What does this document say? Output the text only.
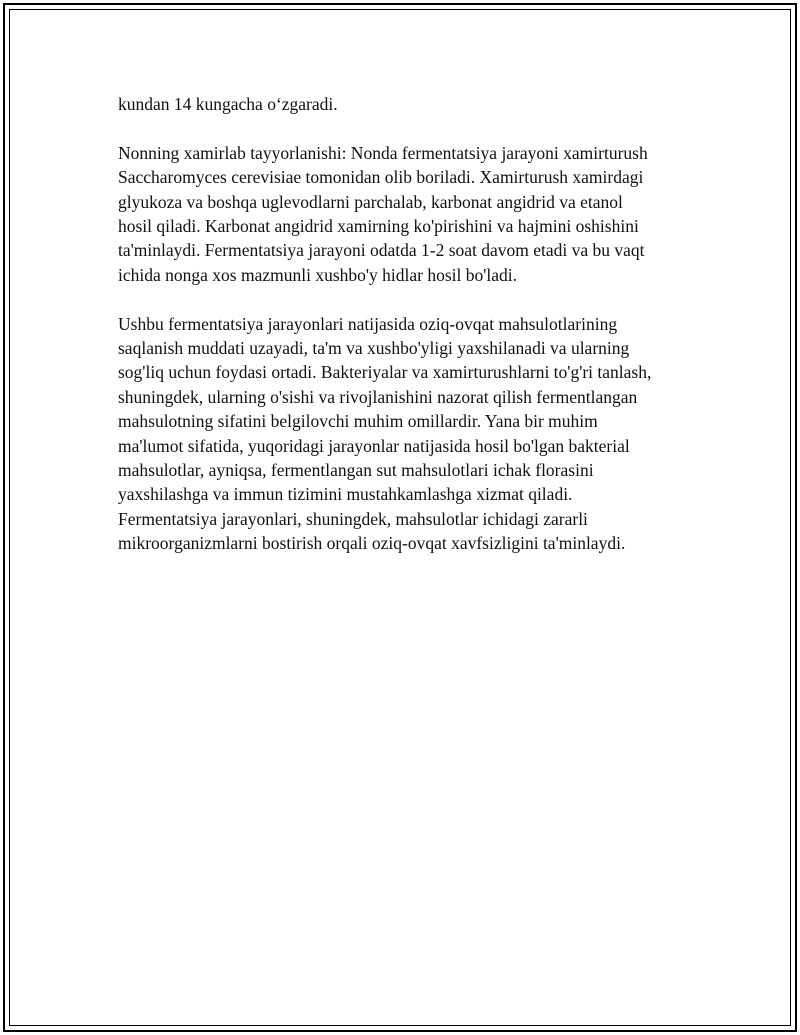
kundan 14 kungacha o‘zgaradi.

Nonning xamirlab tayyorlanishi: Nonda fermentatsiya jarayoni xamirturush
Saccharomyces cerevisiae tomonidan olib boriladi. Xamirturush xamirdagi
glyukoza va boshqa uglevodlarni parchalab, karbonat angidrid va etanol
hosil qiladi. Karbonat angidrid xamirning ko'pirishini va hajmini oshishini
ta'minlaydi. Fermentatsiya jarayoni odatda 1-2 soat davom etadi va bu vaqt
ichida nonga xos mazmunli xushbo'y hidlar hosil bo'ladi.

Ushbu fermentatsiya jarayonlari natijasida oziq-ovqat mahsulotlarining
saqlanish muddati uzayadi, ta'm va xushbo'yligi yaxshilanadi va ularning
sog'liq uchun foydasi ortadi. Bakteriyalar va xamirturushlarni to'g'ri tanlash,
shuningdek, ularning o'sishi va rivojlanishini nazorat qilish fermentlangan
mahsulotning sifatini belgilovchi muhim omillardir. Yana bir muhim
ma'lumot sifatida, yuqoridagi jarayonlar natijasida hosil bo'lgan bakterial
mahsulotlar, ayniqsa, fermentlangan sut mahsulotlari ichak florasini
yaxshilashga va immun tizimini mustahkamlashga xizmat qiladi.
Fermentatsiya jarayonlari, shuningdek, mahsulotlar ichidagi zararli
mikroorganizmlarni bostirish orqali oziq-ovqat xavfsizligini ta'minlaydi.
